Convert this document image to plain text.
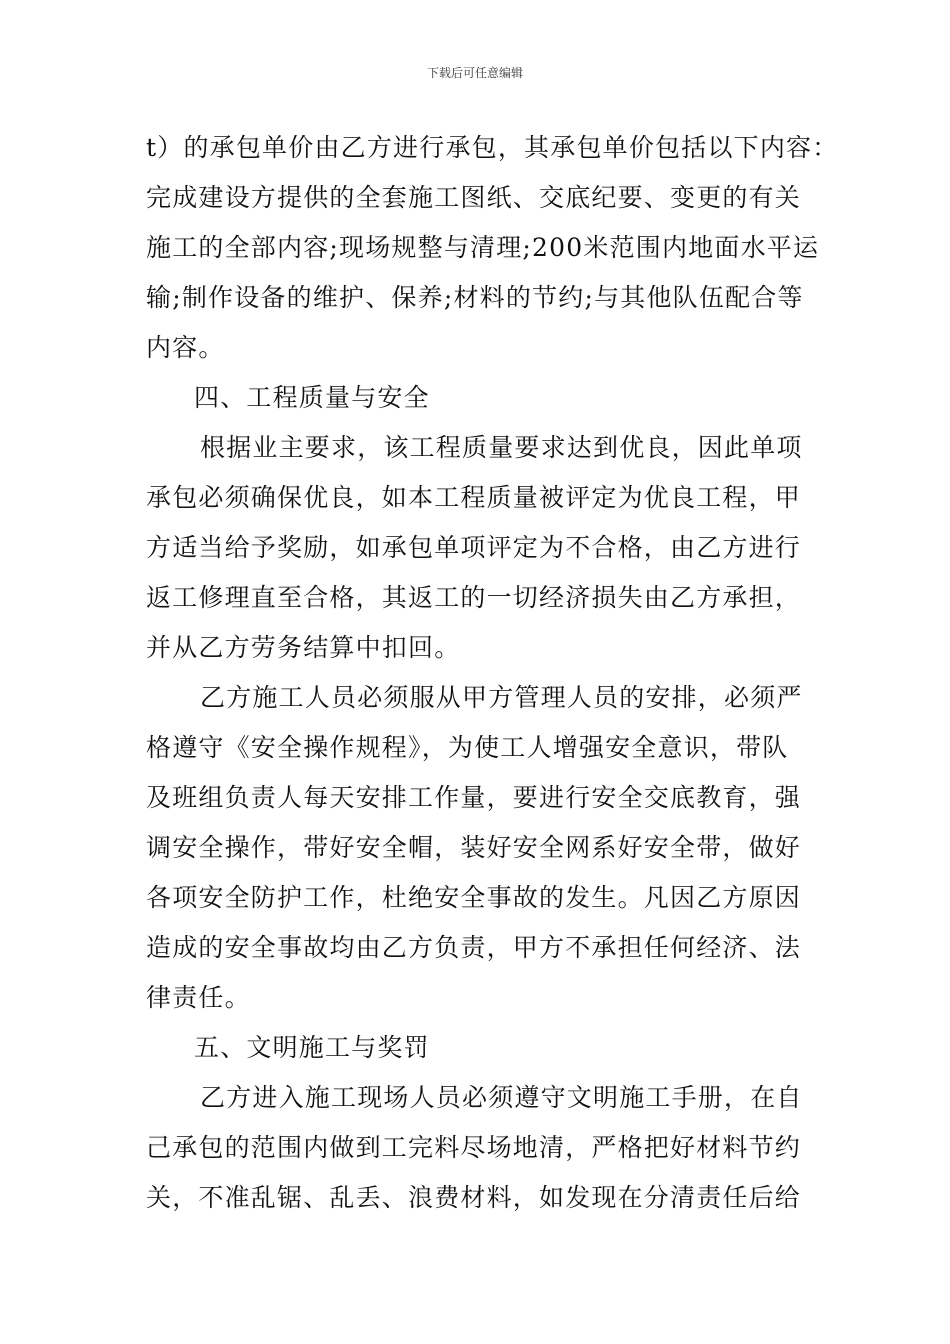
下载后可任意编辑
t）的承包单价由乙方进行承包，其承包单价包括以下内容：
完成建设方提供的全套施工图纸、交底纪要、变更的有关
施工的全部内容;现场规整与清理;200米范围内地面水平运
输;制作设备的维护、保养;材料的节约;与其他队伍配合等
内容。
四、工程质量与安全
根据业主要求，该工程质量要求达到优良，因此单项
承包必须确保优良，如本工程质量被评定为优良工程，甲
方适当给予奖励，如承包单项评定为不合格，由乙方进行
返工修理直至合格，其返工的一切经济损失由乙方承担，
并从乙方劳务结算中扣回。
乙方施工人员必须服从甲方管理人员的安排，必须严
格遵守《安全操作规程》，为使工人增强安全意识，带队
及班组负责人每天安排工作量，要进行安全交底教育，强
调安全操作，带好安全帽，装好安全网系好安全带，做好
各项安全防护工作，杜绝安全事故的发生。凡因乙方原因
造成的安全事故均由乙方负责，甲方不承担任何经济、法
律责任。
五、文明施工与奖罚
乙方进入施工现场人员必须遵守文明施工手册，在自
己承包的范围内做到工完料尽场地清，严格把好材料节约
关，不准乱锯、乱丢、浪费材料，如发现在分清责任后给
